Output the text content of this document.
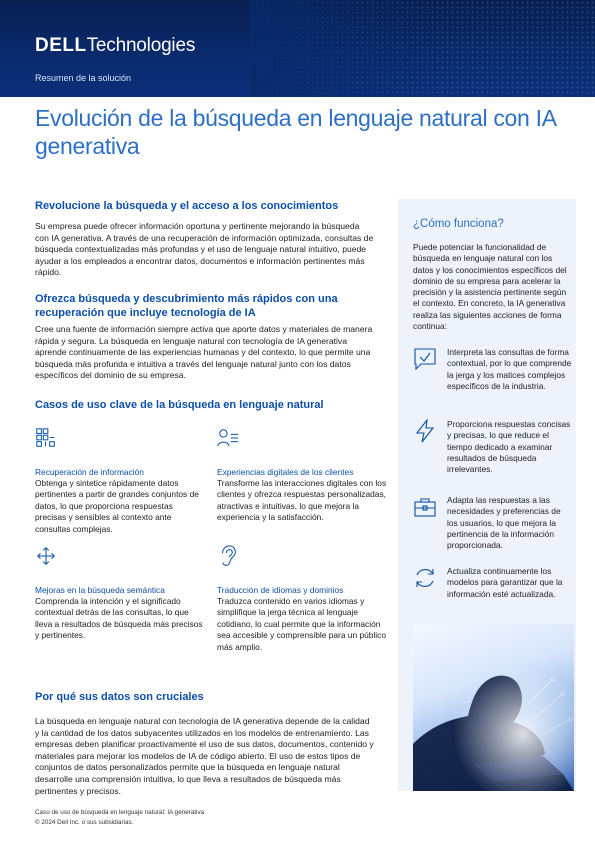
DELLTechnologies
Resumen de la solución
Evolución de la búsqueda en lenguaje natural con IA generativa
Revolucione la búsqueda y el acceso a los conocimientos

Su empresa puede ofrecer información oportuna y pertinente mejorando la búsqueda con IA generativa. A través de una recuperación de información optimizada, consultas de búsqueda contextualizadas más profundas y el uso de lenguaje natural intuitivo, puede ayudar a los empleados a encontrar datos, documentos e información pertinentes más rápido.

Ofrezca búsqueda y descubrimiento más rápidos con una recuperación que incluye tecnología de IA

Cree una fuente de información siempre activa que aporte datos y materiales de manera rápida y segura. La búsqueda en lenguaje natural con tecnología de IA generativa aprende continuamente de las experiencias humanas y del contexto, lo que permite una búsqueda más profunda e intuitiva a través del lenguaje natural junto con los datos específicos del dominio de su empresa.

Casos de uso clave de la búsqueda en lenguaje natural
Recuperación de información
Obtenga y sintetice rápidamente datos pertinentes a partir de grandes conjuntos de datos, lo que proporciona respuestas precisas y sensibles al contexto ante consultas complejas.
Experiencias digitales de los clientes
Transforme las interacciones digitales con los clientes y ofrezca respuestas personalizadas, atractivas e intuitivas, lo que mejora la experiencia y la satisfacción.
Mejoras en la búsqueda semántica
Comprenda la intención y el significado contextual detrás de las consultas, lo que lleva a resultados de búsqueda más precisos y pertinentes.
Traducción de idiomas y dominios
Traduzca contenido en varios idiomas y simplifique la jerga técnica al lenguaje cotidiano, lo cual permite que la información sea accesible y comprensible para un público más amplio.
Por qué sus datos son cruciales

La búsqueda en lenguaje natural con tecnología de IA generativa depende de la calidad y la cantidad de los datos subyacentes utilizados en los modelos de entrenamiento. Las empresas deben planificar proactivamente el uso de sus datos, documentos, contenido y materiales para mejorar los modelos de IA de código abierto. El uso de estos tipos de conjuntos de datos personalizados permite que la búsqueda en lenguaje natural desarrolle una comprensión intuitiva, lo que lleva a resultados de búsqueda más pertinentes y precisos.

Caso de uso de búsqueda en lenguaje natural: IA generativa
© 2024 Dell Inc. o sus subsidiarias.
¿Cómo funciona?
Puede potenciar la funcionalidad de búsqueda en lenguaje natural con los datos y los conocimientos específicos del dominio de su empresa para acelerar la precisión y la asistencia pertinente según el contexto. En concreto, la IA generativa realiza las siguientes acciones de forma continua:
Interpreta las consultas de forma contextual, por lo que comprende la jerga y los matices complejos específicos de la industria.
Proporciona respuestas concisas y precisas, lo que reduce el tiempo dedicado a examinar resultados de búsqueda irrelevantes.
Adapta las respuestas a las necesidades y preferencias de los usuarios, lo que mejora la pertinencia de la información proporcionada.
Actualiza continuamente los modelos para garantizar que la información esté actualizada.
